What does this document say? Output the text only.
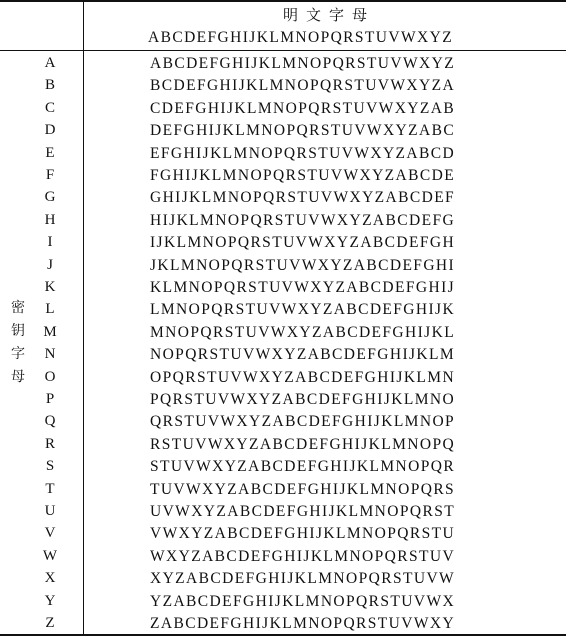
明文字母
ABCDEFGHIJKLMNOPQRSTUVWXYZ
密
钥
字
母
A	ABCDEFGHIJKLMNOPQRSTUVWXYZ
B	BCDEFGHIJKLMNOPQRSTUVWXYZA
C	CDEFGHIJKLMNOPQRSTUVWXYZAB
D	DEFGHIJKLMNOPQRSTUVWXYZABC
E	EFGHIJKLMNOPQRSTUVWXYZABCD
F	FGHIJKLMNOPQRSTUVWXYZABCDE
G	GHIJKLMNOPQRSTUVWXYZABCDEF
H	HIJKLMNOPQRSTUVWXYZABCDEFG
I	IJKLMNOPQRSTUVWXYZABCDEFGH
J	JKLMNOPQRSTUVWXYZABCDEFGHI
K	KLMNOPQRSTUVWXYZABCDEFGHIJ
L	LMNOPQRSTUVWXYZABCDEFGHIJK
M	MNOPQRSTUVWXYZABCDEFGHIJKL
N	NOPQRSTUVWXYZABCDEFGHIJKLM
O	OPQRSTUVWXYZABCDEFGHIJKLMN
P	PQRSTUVWXYZABCDEFGHIJKLMNO
Q	QRSTUVWXYZABCDEFGHIJKLMNOP
R	RSTUVWXYZABCDEFGHIJKLMNOPQ
S	STUVWXYZABCDEFGHIJKLMNOPQR
T	TUVWXYZABCDEFGHIJKLMNOPQRS
U	UVWXYZABCDEFGHIJKLMNOPQRST
V	VWXYZABCDEFGHIJKLMNOPQRSTU
W	WXYZABCDEFGHIJKLMNOPQRSTUV
X	XYZABCDEFGHIJKLMNOPQRSTUVW
Y	YZABCDEFGHIJKLMNOPQRSTUVWX
Z	ZABCDEFGHIJKLMNOPQRSTUVWXY
